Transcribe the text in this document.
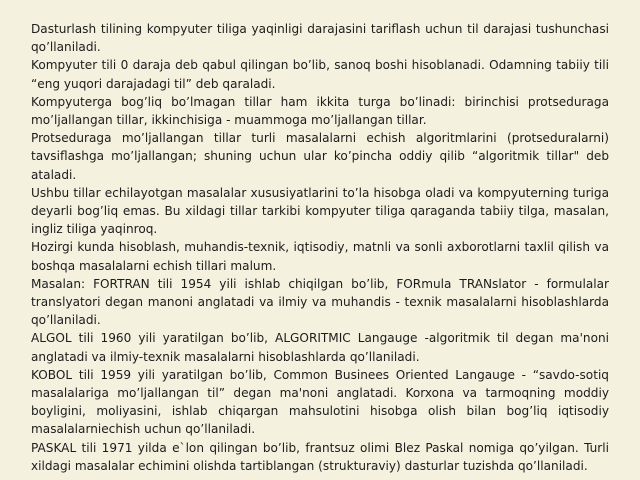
Dasturlash tilining kompyuter tiliga yaqinligi darajasini tariflash uchun til darajasi tushunchasi qo’llaniladi.

Kompyuter tili 0 daraja deb qabul qilingan bo’lib, sanoq boshi hisoblanadi. Odamning tabiiy tili “eng yuqori darajadagi til” deb qaraladi.

Kompyuterga bog’liq bo’lmagan tillar ham ikkita turga bo’linadi: birinchisi protseduraga mo’ljallangan tillar, ikkinchisiga - muammoga mo’ljallangan tillar.

Protseduraga mo’ljallangan tillar turli masalalarni echish algoritmlarini (protseduralarni) tavsiflashga mo’ljallangan; shuning uchun ular ko’pincha oddiy qilib “algoritmik tillar" deb ataladi.

Ushbu tillar echilayotgan masalalar xususiyatlarini to’la hisobga oladi va kompyuterning turiga deyarli bog’liq emas. Bu xildagi tillar tarkibi kompyuter tiliga qaraganda tabiiy tilga, masalan, ingliz tiliga yaqinroq.

Hozirgi kunda hisoblash, muhandis-texnik, iqtisodiy, matnli va sonli axborotlarni taxlil qilish va boshqa masalalarni echish tillari malum.

Masalan: FORTRAN tili 1954 yili ishlab chiqilgan bo’lib, FORmula TRANslator - formulalar translyatori degan manoni anglatadi va ilmiy va muhandis - texnik masalalarni hisoblashlarda qo’llaniladi.

ALGOL tili 1960 yili yaratilgan bo’lib, ALGORITMIC Langauge -algoritmik til degan ma'noni anglatadi va ilmiy-texnik masalalarni hisoblashlarda qo’llaniladi.

KOBOL tili 1959 yili yaratilgan bo’lib, Common Businees Oriented Langauge - “savdo-sotiq masalalariga mo’ljallangan til” degan ma'noni anglatadi. Korxona va tarmoqning moddiy boyligini, moliyasini, ishlab chiqargan mahsulotini hisobga olish bilan bog’liq iqtisodiy masalalarniechish uchun qo’llaniladi.

PASKAL tili 1971 yilda e`lon qilingan bo’lib, frantsuz olimi Blez Paskal nomiga qo’yilgan. Turli xildagi masalalar echimini olishda tartiblangan (strukturaviy) dasturlar tuzishda qo’llaniladi.
